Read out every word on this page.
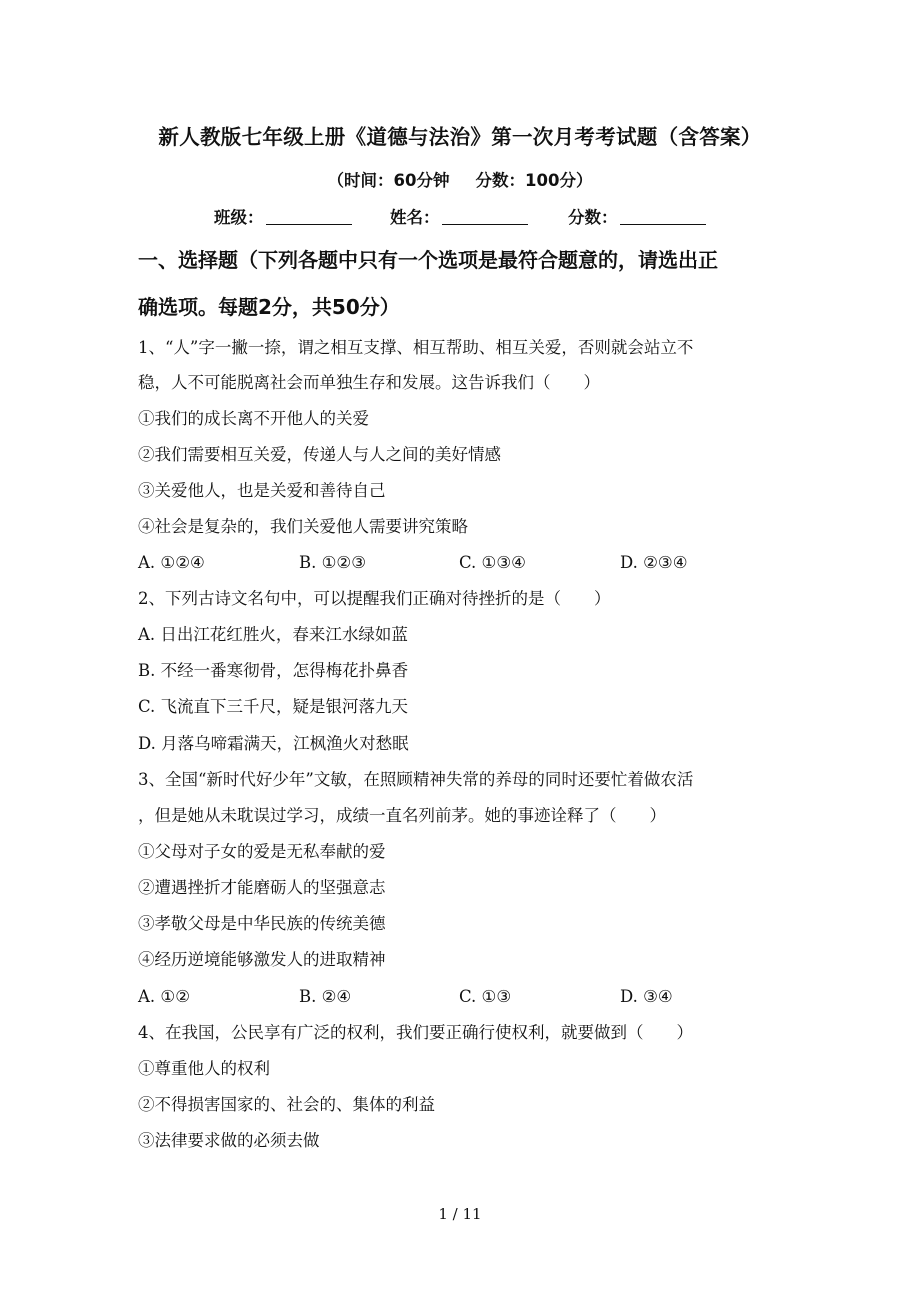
新人教版七年级上册《道德与法治》第一次月考考试题（含答案）
（时间：60分钟 分数：100分）
班级：	姓名：	分数：
一、选择题（下列各题中只有一个选项是最符合题意的，请选出正
确选项。每题2分，共50分）
1、“人”字一撇一捺，谓之相互支撑、相互帮助、相互关爱，否则就会站立不
稳，人不可能脱离社会而单独生存和发展。这告诉我们（　　）
①我们的成长离不开他人的关爱
②我们需要相互关爱，传递人与人之间的美好情感
③关爱他人，也是关爱和善待自己
④社会是复杂的，我们关爱他人需要讲究策略
A. ①②④	B. ①②③	C. ①③④	D. ②③④
2、下列古诗文名句中，可以提醒我们正确对待挫折的是（　　）
A. 日出江花红胜火，春来江水绿如蓝
B. 不经一番寒彻骨，怎得梅花扑鼻香
C. 飞流直下三千尺，疑是银河落九天
D. 月落乌啼霜满天，江枫渔火对愁眠
3、全国“新时代好少年”文敏，在照顾精神失常的养母的同时还要忙着做农活
，但是她从未耽误过学习，成绩一直名列前茅。她的事迹诠释了（　　）
①父母对子女的爱是无私奉献的爱
②遭遇挫折才能磨砺人的坚强意志
③孝敬父母是中华民族的传统美德
④经历逆境能够激发人的进取精神
A. ①②	B. ②④	C. ①③	D. ③④
4、在我国，公民享有广泛的权利，我们要正确行使权利，就要做到（　　）
①尊重他人的权利
②不得损害国家的、社会的、集体的利益
③法律要求做的必须去做
1 / 11
